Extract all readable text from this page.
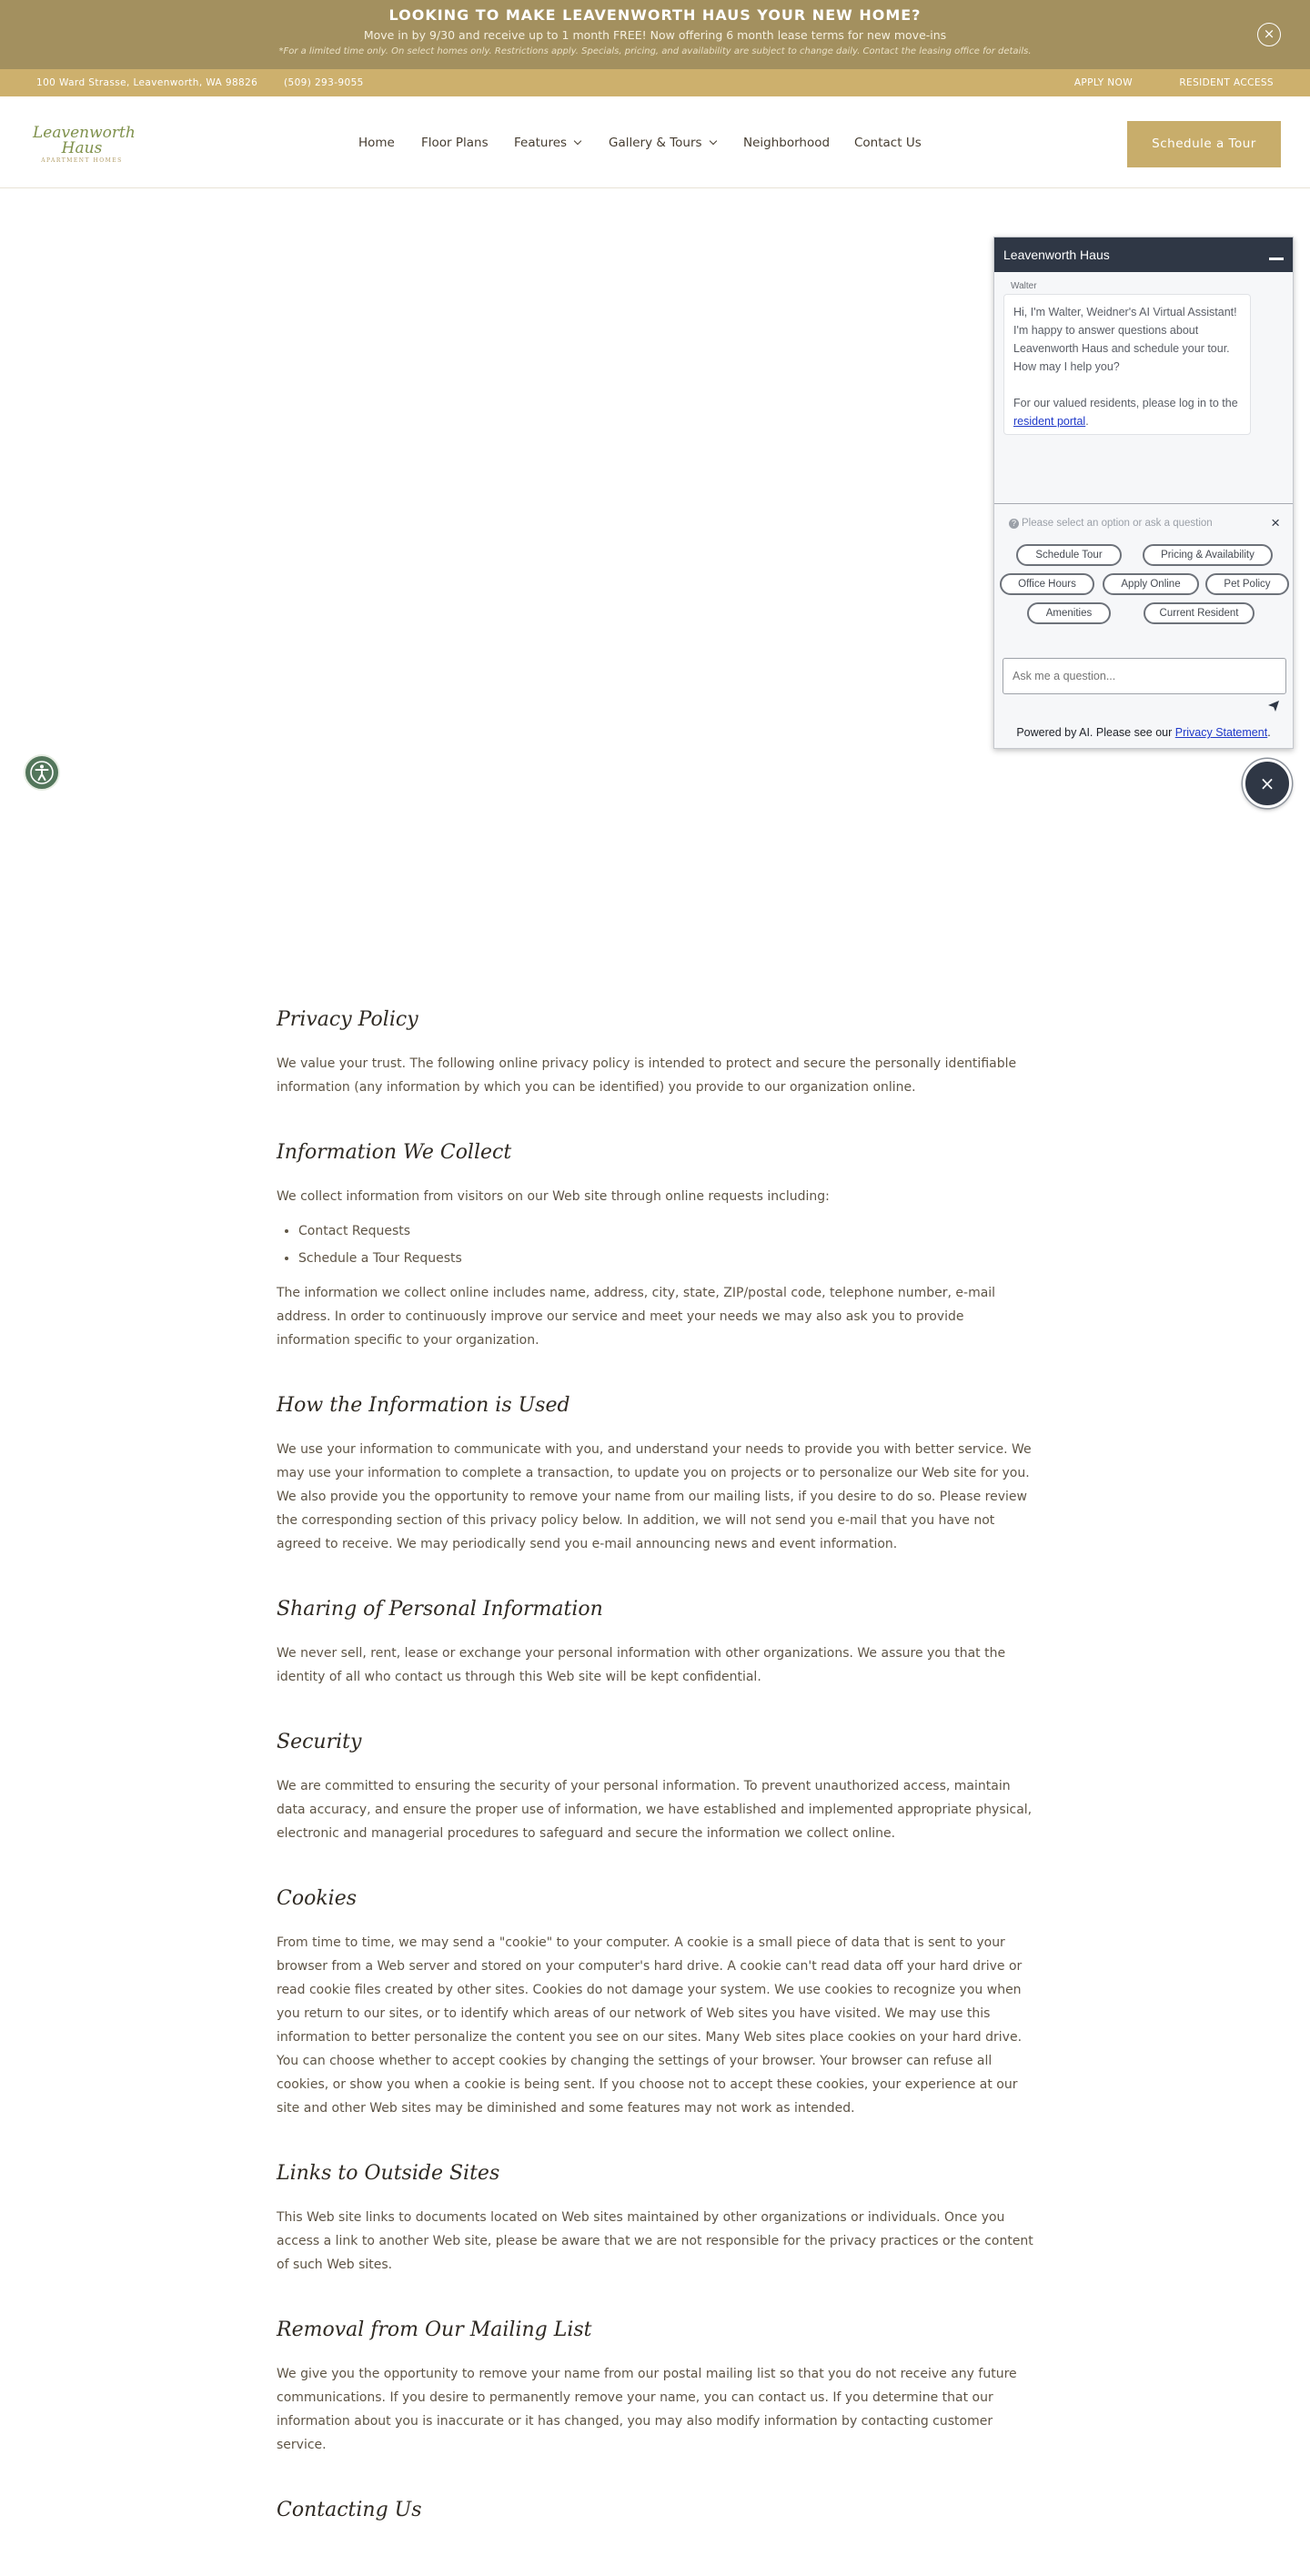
LOOKING TO MAKE LEAVENWORTH HAUS YOUR NEW HOME?
Move in by 9/30 and receive up to 1 month FREE! Now offering 6 month lease terms for new move-ins
*For a limited time only. On select homes only. Restrictions apply. Specials, pricing, and availability are subject to change daily. Contact the leasing office for details.
×
100 Ward Strasse, Leavenworth, WA 98826	(509) 293-9055	APPLY NOW	RESIDENT ACCESS
Leavenworth
Haus
APARTMENT HOMES
Home Floor Plans Features	Gallery & Tours	Neighborhood Contact Us	Schedule a Tour
Leavenworth Haus
Walter

Hi, I'm Walter, Weidner's AI Virtual Assistant! I'm happy to answer questions about Leavenworth Haus and schedule your tour. How may I help you?

For our valued residents, please log in to the resident portal.

? Please select an option or ask a question	×
Schedule Tour	Pricing & Availability
Office Hours	Apply Online	Pet Policy
Amenities	Current Resident
Ask me a question...
Powered by AI. Please see our Privacy Statement.
×
Privacy Policy

We value your trust. The following online privacy policy is intended to protect and secure the personally identifiable information (any information by which you can be identified) you provide to our organization online.

Information We Collect

We collect information from visitors on our Web site through online requests including:

• Contact Requests
• Schedule a Tour Requests

The information we collect online includes name, address, city, state, ZIP/postal code, telephone number, e-mail address. In order to continuously improve our service and meet your needs we may also ask you to provide information specific to your organization.

How the Information is Used

We use your information to communicate with you, and understand your needs to provide you with better service. We may use your information to complete a transaction, to update you on projects or to personalize our Web site for you. We also provide you the opportunity to remove your name from our mailing lists, if you desire to do so. Please review the corresponding section of this privacy policy below. In addition, we will not send you e-mail that you have not agreed to receive. We may periodically send you e-mail announcing news and event information.

Sharing of Personal Information

We never sell, rent, lease or exchange your personal information with other organizations. We assure you that the identity of all who contact us through this Web site will be kept confidential.

Security

We are committed to ensuring the security of your personal information. To prevent unauthorized access, maintain data accuracy, and ensure the proper use of information, we have established and implemented appropriate physical, electronic and managerial procedures to safeguard and secure the information we collect online.

Cookies

From time to time, we may send a "cookie" to your computer. A cookie is a small piece of data that is sent to your browser from a Web server and stored on your computer's hard drive. A cookie can't read data off your hard drive or read cookie files created by other sites. Cookies do not damage your system. We use cookies to recognize you when you return to our sites, or to identify which areas of our network of Web sites you have visited. We may use this information to better personalize the content you see on our sites. Many Web sites place cookies on your hard drive. You can choose whether to accept cookies by changing the settings of your browser. Your browser can refuse all cookies, or show you when a cookie is being sent. If you choose not to accept these cookies, your experience at our site and other Web sites may be diminished and some features may not work as intended.

Links to Outside Sites

This Web site links to documents located on Web sites maintained by other organizations or individuals. Once you access a link to another Web site, please be aware that we are not responsible for the privacy practices or the content of such Web sites.

Removal from Our Mailing List

We give you the opportunity to remove your name from our postal mailing list so that you do not receive any future communications. If you desire to permanently remove your name, you can contact us. If you determine that our information about you is inaccurate or it has changed, you may also modify information by contacting customer service.

Contacting Us
